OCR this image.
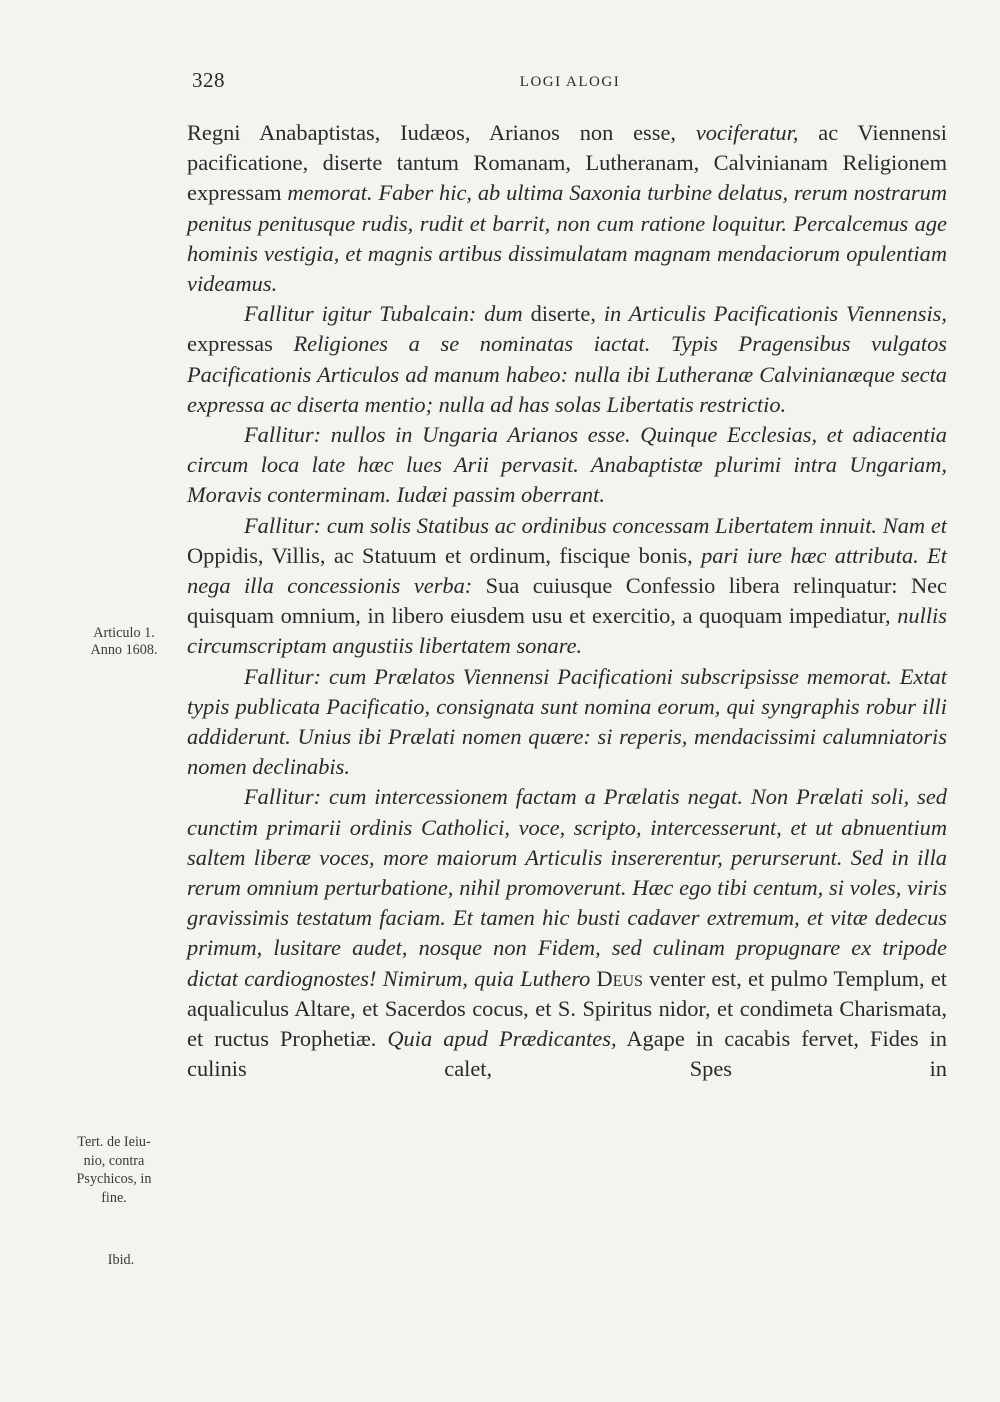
328	LOGI ALOGI

Regni Anabaptistas, Iudæos, Arianos non esse, vociferatur, ac Viennensi pacificatione, diserte tantum Romanam, Lutheranam, Calvinianam Religionem expressam memorat. Faber hic, ab ultima Saxonia turbine delatus, rerum nostrarum penitus penitusque rudis, rudit et barrit, non cum ratione loquitur. Percalcemus age hominis vestigia, et magnis artibus dissimulatam magnam mendaciorum opulentiam videamus.

Fallitur igitur Tubalcain: dum diserte, in Articulis Pacificationis Viennensis, expressas Religiones a se nominatas iactat. Typis Pragensibus vulgatos Pacificationis Articulos ad manum habeo: nulla ibi Lutheranæ Calvinianæque secta expressa ac diserta mentio; nulla ad has solas Libertatis restrictio.

Fallitur: nullos in Ungaria Arianos esse. Quinque Ecclesias, et adiacentia circum loca late hæc lues Arii pervasit. Anabaptistæ plurimi intra Ungariam, Moravis conterminam. Iudæi passim oberrant.

Fallitur: cum solis Statibus ac ordinibus concessam Libertatem innuit. Nam et Oppidis, Villis, ac Statuum et ordinum, fiscique bonis, pari iure hæc attributa. Et nega illa concessionis verba: Sua cuiusque Confessio libera relinquatur: Nec quisquam omnium, in libero eiusdem usu et exercitio, a quoquam impediatur, nullis circumscriptam angustiis libertatem sonare.

Fallitur: cum Prælatos Viennensi Pacificationi subscripsisse memorat. Extat typis publicata Pacificatio, consignata sunt nomina eorum, qui syngraphis robur illi addiderunt. Unius ibi Prælati nomen quære: si reperis, mendacissimi calumniatoris nomen declinabis.

Fallitur: cum intercessionem factam a Prælatis negat. Non Prælati soli, sed cunctim primarii ordinis Catholici, voce, scripto, intercesserunt, et ut abnuentium saltem liberæ voces, more maiorum Articulis insererentur, perurserunt. Sed in illa rerum omnium perturbatione, nihil promoverunt. Hæc ego tibi centum, si voles, viris gravissimis testatum faciam. Et tamen hic busti cadaver extremum, et vitæ dedecus primum, lusitare audet, nosque non Fidem, sed culinam propugnare ex tripode dictat cardiognostes! Nimirum, quia Luthero Deus venter est, et pulmo Templum, et aqualiculus Altare, et Sacerdos cocus, et S. Spiritus nidor, et condimeta Charismata, et ructus Prophetiæ. Quia apud Prædicantes, Agape in cacabis fervet, Fides in culinis calet, Spes in

Articulo 1.
Anno 1608.
Tert. de Ieiu-
nio, contra
Psychicos, in
fine.
Ibid.
